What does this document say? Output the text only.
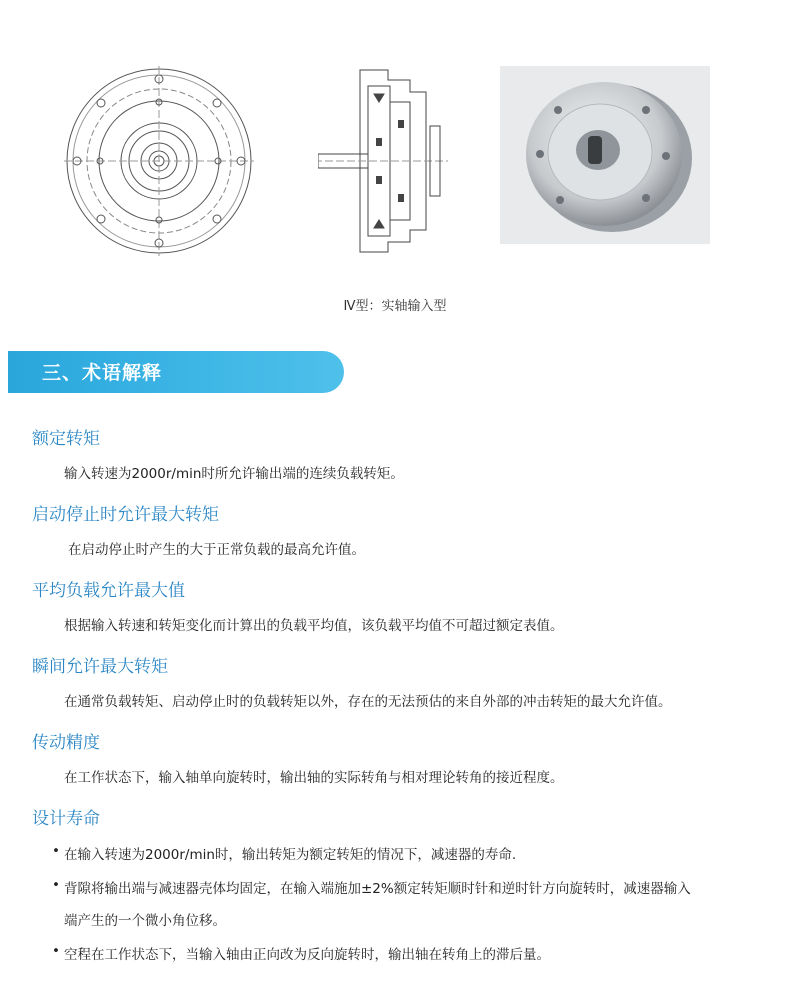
Ⅳ型：实轴输入型
三、术语解释
额定转矩
输入转速为2000r/min时所允许输出端的连续负载转矩。
启动停止时允许最大转矩
在启动停止时产生的大于正常负载的最高允许值。
平均负载允许最大值
根据输入转速和转矩变化而计算出的负载平均值，该负载平均值不可超过额定表值。
瞬间允许最大转矩
在通常负载转矩、启动停止时的负载转矩以外，存在的无法预估的来自外部的冲击转矩的最大允许值。
传动精度
在工作状态下，输入轴单向旋转时，输出轴的实际转角与相对理论转角的接近程度。
设计寿命
• 在输入转速为2000r/min时，输出转矩为额定转矩的情况下，减速器的寿命.
• 背隙将输出端与减速器壳体均固定，在输入端施加±2%额定转矩顺时针和逆时针方向旋转时，减速器输入
端产生的一个微小角位移。
• 空程在工作状态下，当输入轴由正向改为反向旋转时，输出轴在转角上的滞后量。
